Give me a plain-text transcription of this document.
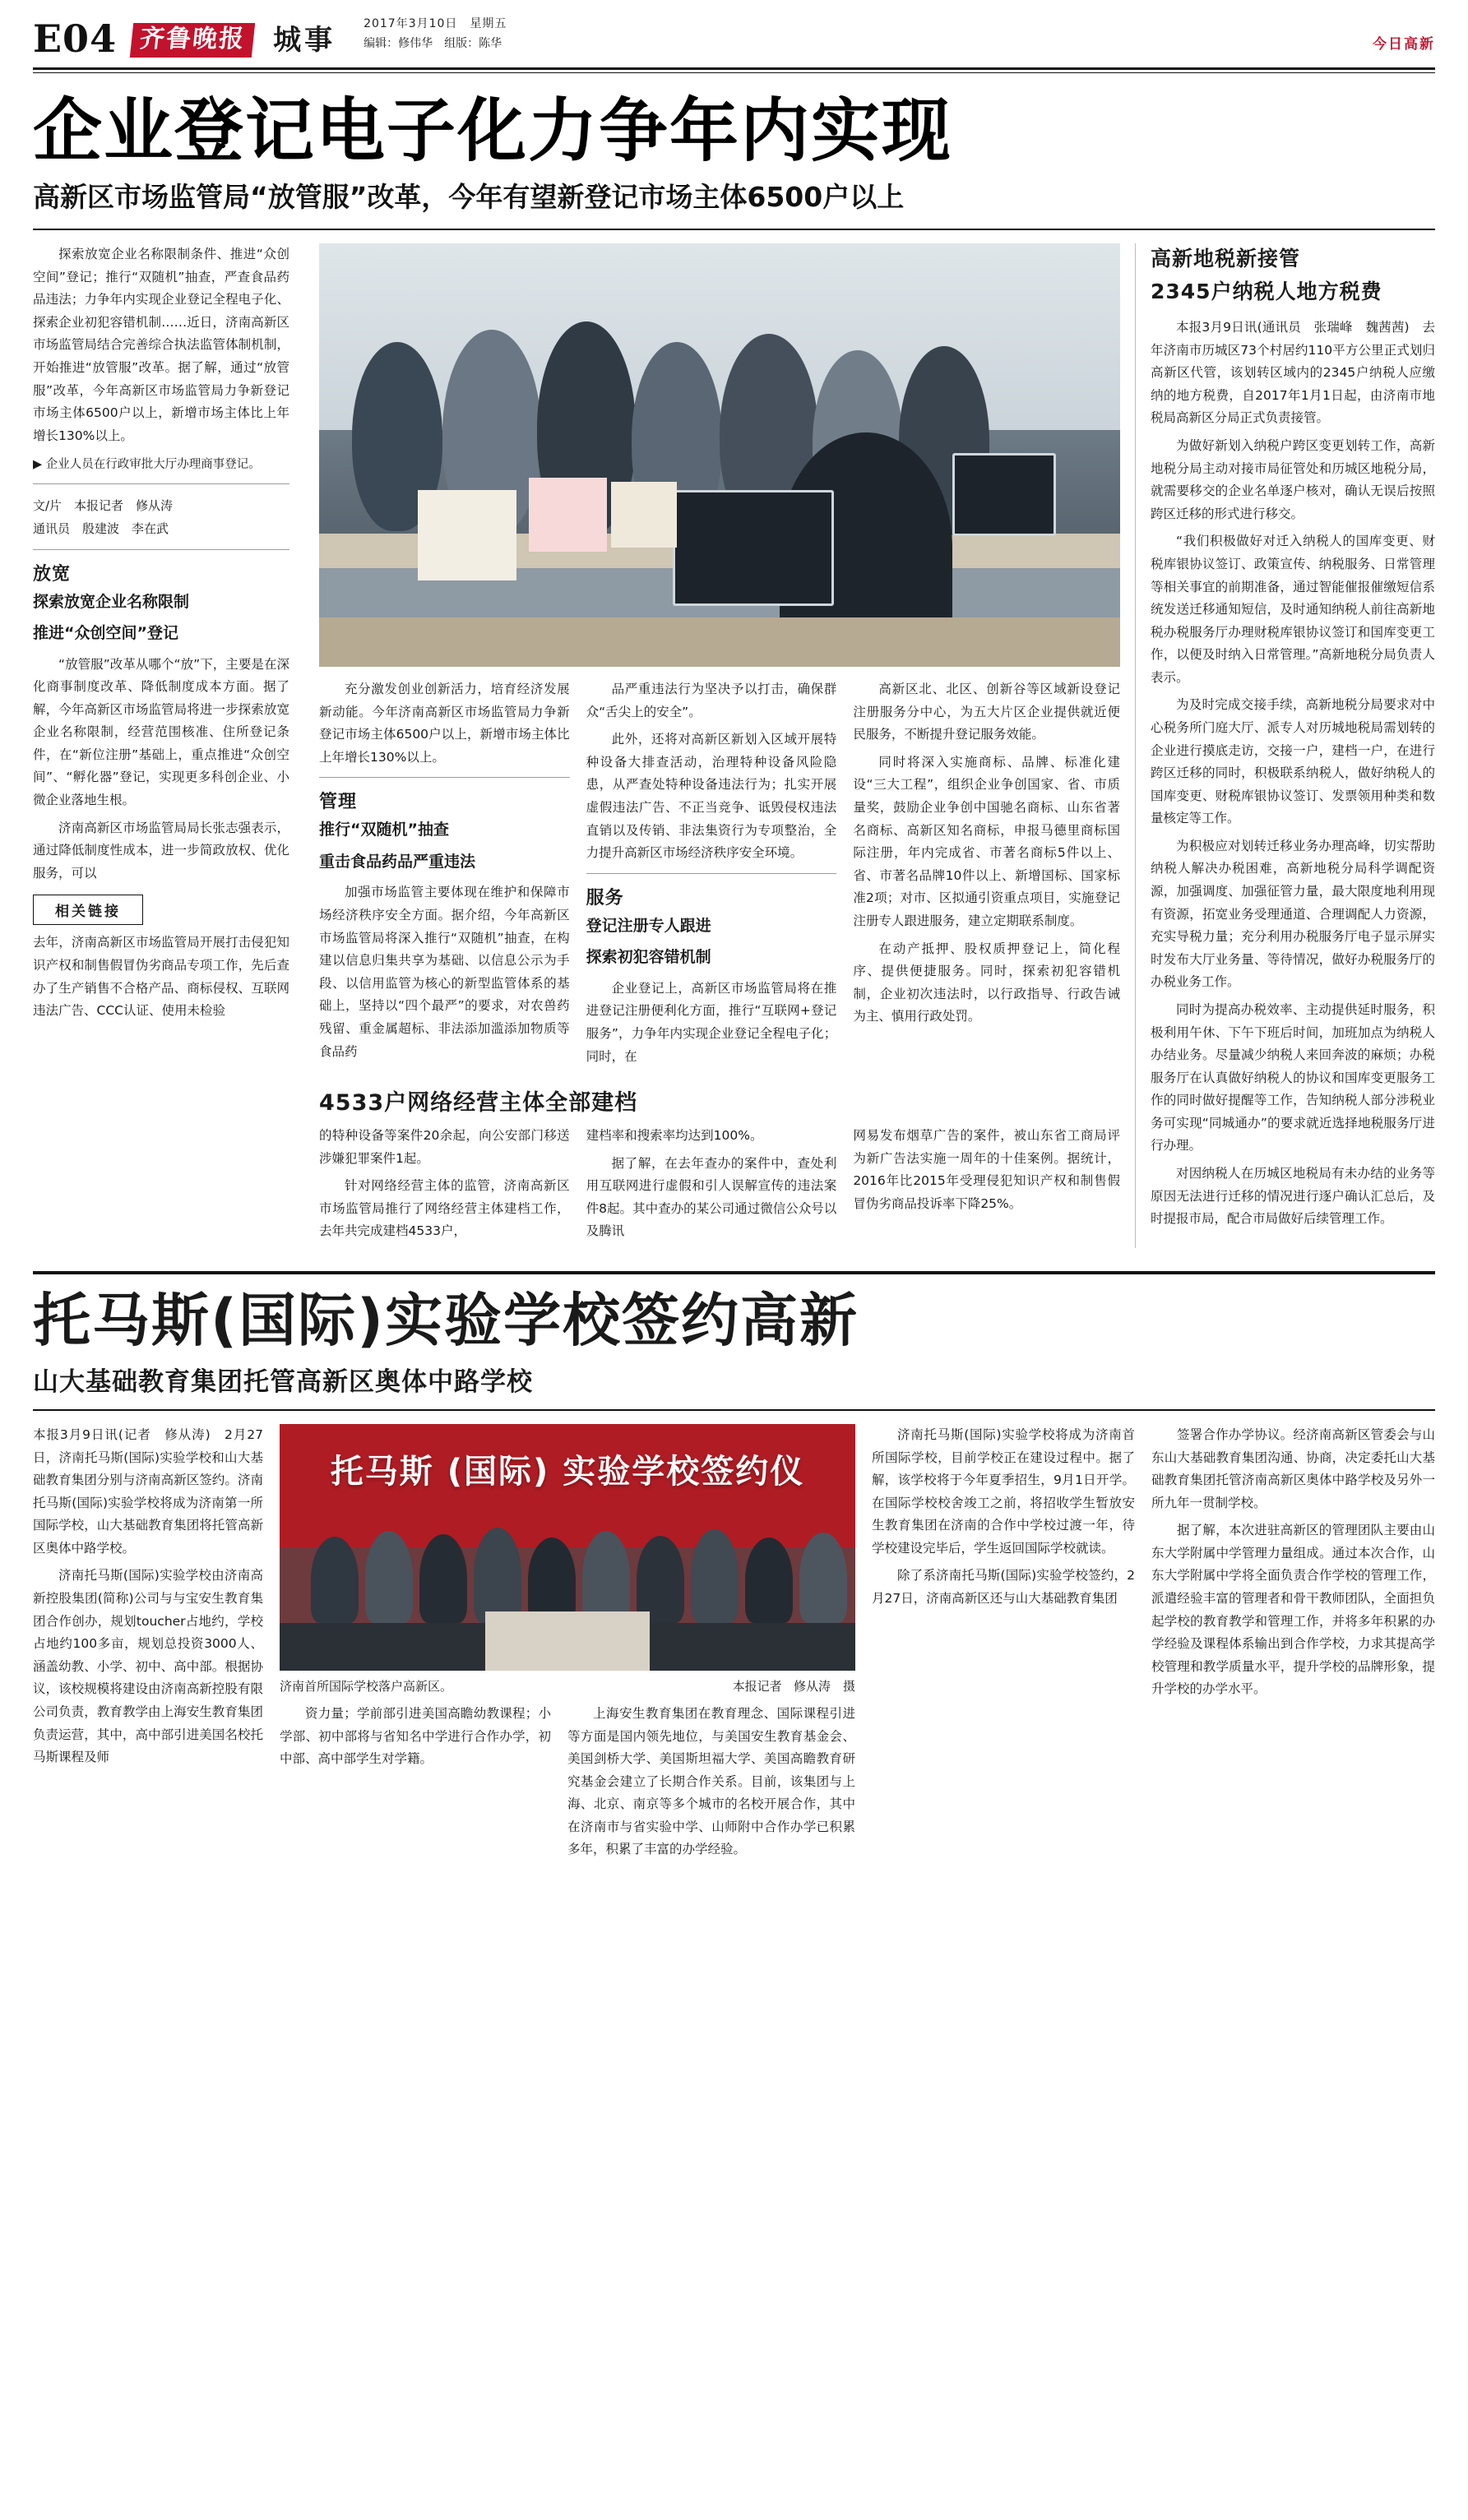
E04 齐鲁晚报 城事 2017年3月10日　星期五
编辑：修伟华　组版：陈华	今日高新
企业登记电子化力争年内实现
高新区市场监管局“放管服”改革，今年有望新登记市场主体6500户以上

探索放宽企业名称限制条件、推进“众创空间”登记；推行“双随机”抽查，严查食品药品违法；力争年内实现企业登记全程电子化、探索企业初犯容错机制……近日，济南高新区市场监管局结合完善综合执法监管体制机制，开始推进“放管服”改革。据了解，通过“放管服”改革，今年高新区市场监管局力争新登记市场主体6500户以上，新增市场主体比上年增长130%以上。

▶ 企业人员在行政审批大厅办理商事登记。
文/片　本报记者　修从涛
通讯员　殷建波　李在武
放宽
探索放宽企业名称限制
推进“众创空间”登记

“放管服”改革从哪个“放”下，主要是在深化商事制度改革、降低制度成本方面。据了解，今年高新区市场监管局将进一步探索放宽企业名称限制，经营范围核准、住所登记条件，在“新位注册”基础上，重点推进“众创空间”、“孵化器”登记，实现更多科创企业、小微企业落地生根。

济南高新区市场监管局局长张志强表示，通过降低制度性成本，进一步简政放权、优化服务，可以

相关链接

去年，济南高新区市场监管局开展打击侵犯知识产权和制售假冒伪劣商品专项工作，先后查办了生产销售不合格产品、商标侵权、互联网违法广告、CCC认证、使用未检验

充分激发创业创新活力，培育经济发展新动能。今年济南高新区市场监管局力争新登记市场主体6500户以上，新增市场主体比上年增长130%以上。

管理
推行“双随机”抽查
重击食品药品严重违法

加强市场监管主要体现在维护和保障市场经济秩序安全方面。据介绍，今年高新区市场监管局将深入推行“双随机”抽查，在构建以信息归集共享为基础、以信息公示为手段、以信用监管为核心的新型监管体系的基础上，坚持以“四个最严”的要求，对农兽药残留、重金属超标、非法添加滥添加物质等食品药

品严重违法行为坚决予以打击，确保群众“舌尖上的安全”。

此外，还将对高新区新划入区域开展特种设备大排查活动，治理特种设备风险隐患，从严查处特种设备违法行为；扎实开展虚假违法广告、不正当竞争、诋毁侵权违法直销以及传销、非法集资行为专项整治，全力提升高新区市场经济秩序安全环境。

服务
登记注册专人跟进
探索初犯容错机制

企业登记上，高新区市场监管局将在推进登记注册便利化方面，推行“互联网+登记服务”，力争年内实现企业登记全程电子化；同时，在

高新区北、北区、创新谷等区域新设登记注册服务分中心，为五大片区企业提供就近便民服务，不断提升登记服务效能。

同时将深入实施商标、品牌、标准化建设“三大工程”，组织企业争创国家、省、市质量奖，鼓励企业争创中国驰名商标、山东省著名商标、高新区知名商标，申报马德里商标国际注册，年内完成省、市著名商标5件以上、省、市著名品牌10件以上、新增国标、国家标准2项；对市、区拟通引资重点项目，实施登记注册专人跟进服务，建立定期联系制度。

在动产抵押、股权质押登记上，简化程序、提供便捷服务。同时，探索初犯容错机制，企业初次违法时，以行政指导、行政告诫为主、慎用行政处罚。

4533户网络经营主体全部建档

的特种设备等案件20余起，向公安部门移送涉嫌犯罪案件1起。

针对网络经营主体的监管，济南高新区市场监管局推行了网络经营主体建档工作，去年共完成建档4533户，

建档率和搜索率均达到100%。

据了解，在去年查办的案件中，查处利用互联网进行虚假和引人误解宣传的违法案件8起。其中查办的某公司通过微信公众号以及腾讯

网易发布烟草广告的案件，被山东省工商局评为新广告法实施一周年的十佳案例。据统计，2016年比2015年受理侵犯知识产权和制售假冒伪劣商品投诉率下降25%。

高新地税新接管
2345户纳税人地方税费

本报3月9日讯(通讯员　张瑞峰　魏茜茜)　去年济南市历城区73个村居约110平方公里正式划归高新区代管，该划转区域内的2345户纳税人应缴纳的地方税费，自2017年1月1日起，由济南市地税局高新区分局正式负责接管。

为做好新划入纳税户跨区变更划转工作，高新地税分局主动对接市局征管处和历城区地税分局，就需要移交的企业名单逐户核对，确认无误后按照跨区迁移的形式进行移交。

“我们积极做好对迁入纳税人的国库变更、财税库银协议签订、政策宣传、纳税服务、日常管理等相关事宜的前期准备，通过智能催报催缴短信系统发送迁移通知短信，及时通知纳税人前往高新地税办税服务厅办理财税库银协议签订和国库变更工作，以便及时纳入日常管理。”高新地税分局负责人表示。

为及时完成交接手续，高新地税分局要求对中心税务所门庭大厅、派专人对历城地税局需划转的企业进行摸底走访，交接一户，建档一户，在进行跨区迁移的同时，积极联系纳税人，做好纳税人的国库变更、财税库银协议签订、发票领用种类和数量核定等工作。

为积极应对划转迁移业务办理高峰，切实帮助纳税人解决办税困难，高新地税分局科学调配资源，加强调度、加强征管力量，最大限度地利用现有资源，拓宽业务受理通道、合理调配人力资源，充实导税力量；充分利用办税服务厅电子显示屏实时发布大厅业务量、等待情况，做好办税服务厅的办税业务工作。

同时为提高办税效率、主动提供延时服务，积极利用午休、下午下班后时间，加班加点为纳税人办结业务。尽量减少纳税人来回奔波的麻烦；办税服务厅在认真做好纳税人的协议和国库变更服务工作的同时做好提醒等工作，告知纳税人部分涉税业务可实现“同城通办”的要求就近选择地税服务厅进行办理。

对因纳税人在历城区地税局有未办结的业务等原因无法进行迁移的情况进行逐户确认汇总后，及时提报市局，配合市局做好后续管理工作。

托马斯(国际)实验学校签约高新
山大基础教育集团托管高新区奥体中路学校

本报3月9日讯(记者　修从涛)　2月27日，济南托马斯(国际)实验学校和山大基础教育集团分别与济南高新区签约。济南托马斯(国际)实验学校将成为济南第一所国际学校，山大基础教育集团将托管高新区奥体中路学校。

济南托马斯(国际)实验学校由济南高新控股集团(简称)公司与与宝安生教育集团合作创办，规划toucher占地约，学校占地约100多亩，规划总投资3000人、涵盖幼教、小学、初中、高中部。根据协议，该校规模将建设由济南高新控股有限公司负责，教育教学由上海安生教育集团负责运营，其中，高中部引进美国名校托马斯课程及师

托马斯 (国际) 实验学校签约仪
济南首所国际学校落户高新区。	本报记者 修从涛　摄

资力量；学前部引进美国高瞻幼教课程；小学部、初中部将与省知名中学进行合作办学，初中部、高中部学生对学籍。

上海安生教育集团在教育理念、国际课程引进等方面是国内领先地位，与美国安生教育基金会、美国剑桥大学、美国斯坦福大学、美国高瞻教育研究基金会建立了长期合作关系。目前，该集团与上海、北京、南京等多个城市的名校开展合作，其中在济南市与省实验中学、山师附中合作办学已积累多年，积累了丰富的办学经验。

济南托马斯(国际)实验学校将成为济南首所国际学校，目前学校正在建设过程中。据了解，该学校将于今年夏季招生，9月1日开学。在国际学校校舍竣工之前，将招收学生暂放安生教育集团在济南的合作中学校过渡一年，待学校建设完毕后，学生返回国际学校就读。

除了系济南托马斯(国际)实验学校签约，2月27日，济南高新区还与山大基础教育集团

签署合作办学协议。经济南高新区管委会与山东山大基础教育集团沟通、协商，决定委托山大基础教育集团托管济南高新区奥体中路学校及另外一所九年一贯制学校。

据了解，本次进驻高新区的管理团队主要由山东大学附属中学管理力量组成。通过本次合作，山东大学附属中学将全面负责合作学校的管理工作，派遣经验丰富的管理者和骨干教师团队，全面担负起学校的教育教学和管理工作，并将多年积累的办学经验及课程体系输出到合作学校，力求其提高学校管理和教学质量水平，提升学校的品牌形象，提升学校的办学水平。
